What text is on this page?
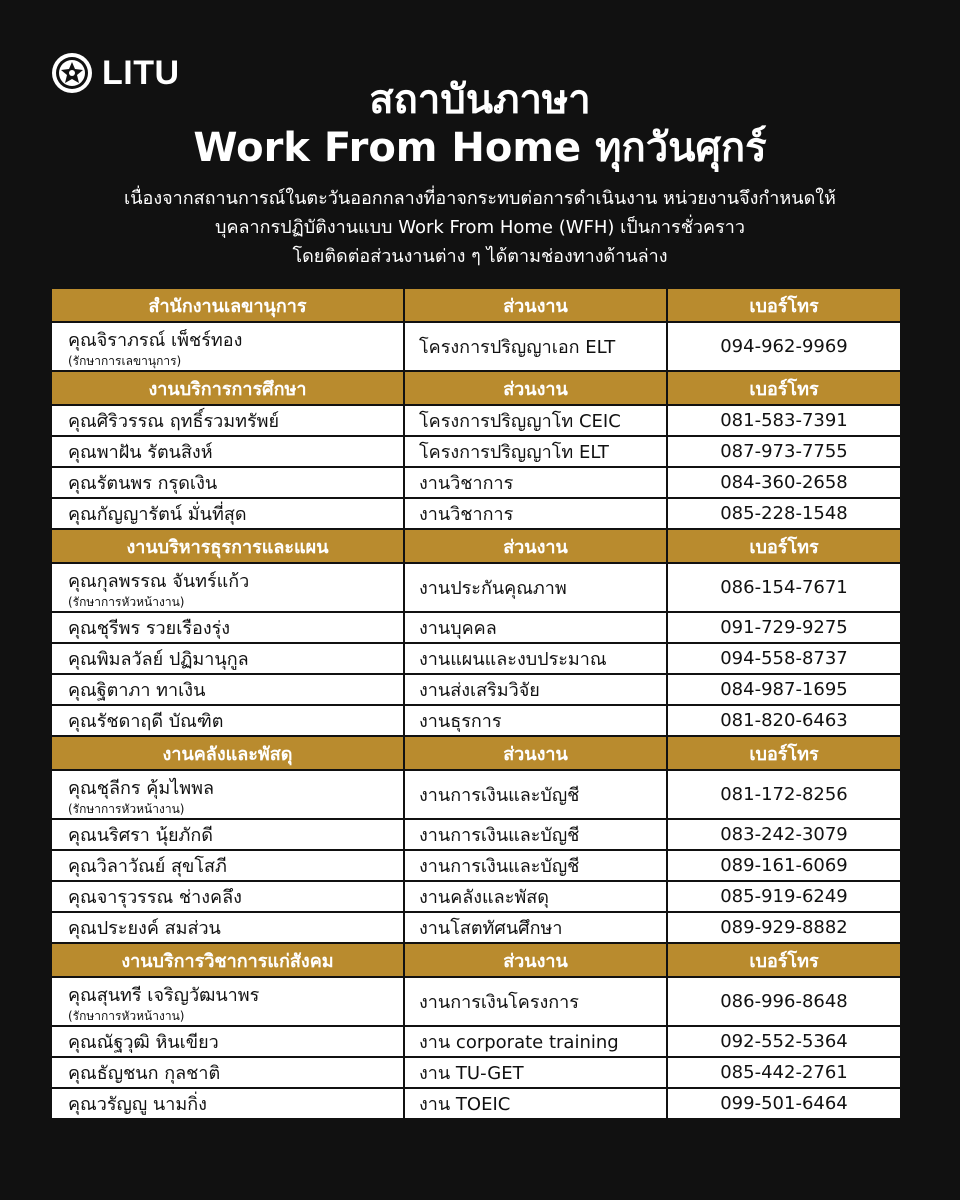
LITU
สถาบันภาษา
Work From Home ทุกวันศุกร์
เนื่องจากสถานการณ์ในตะวันออกกลางที่อาจกระทบต่อการดำเนินงาน หน่วยงานจึงกำหนดให้
บุคลากรปฏิบัติงานแบบ Work From Home (WFH) เป็นการชั่วคราว
โดยติดต่อส่วนงานต่าง ๆ ได้ตามช่องทางด้านล่าง
สำนักงานเลขานุการ	ส่วนงาน	เบอร์โทร
คุณจิราภรณ์ เพ็ชร์ทอง
(รักษาการเลขานุการ)	โครงการปริญญาเอก ELT	094-962-9969
งานบริการการศึกษา	ส่วนงาน	เบอร์โทร
คุณศิริวรรณ ฤทธิ์รวมทรัพย์	โครงการปริญญาโท CEIC	081-583-7391
คุณพาฝัน รัตนสิงห์	โครงการปริญญาโท ELT	087-973-7755
คุณรัตนพร กรุดเงิน	งานวิชาการ	084-360-2658
คุณกัญญารัตน์ มั่นที่สุด	งานวิชาการ	085-228-1548
งานบริหารธุรการและแผน	ส่วนงาน	เบอร์โทร
คุณกุลพรรณ จันทร์แก้ว
(รักษาการหัวหน้างาน)	งานประกันคุณภาพ	086-154-7671
คุณชุรีพร รวยเรืองรุ่ง	งานบุคคล	091-729-9275
คุณพิมลวัลย์ ปฏิมานุกูล	งานแผนและงบประมาณ	094-558-8737
คุณฐิตาภา ทาเงิน	งานส่งเสริมวิจัย	084-987-1695
คุณรัชดาฤดี บัณฑิต	งานธุรการ	081-820-6463
งานคลังและพัสดุ	ส่วนงาน	เบอร์โทร
คุณชุลีกร คุ้มไพพล
(รักษาการหัวหน้างาน)	งานการเงินและบัญชี	081-172-8256
คุณนริศรา นุ้ยภักดี	งานการเงินและบัญชี	083-242-3079
คุณวิลาวัณย์ สุขโสภี	งานการเงินและบัญชี	089-161-6069
คุณจารุวรรณ ช่างคลึง	งานคลังและพัสดุ	085-919-6249
คุณประยงค์ สมส่วน	งานโสตทัศนศึกษา	089-929-8882
งานบริการวิชาการแก่สังคม	ส่วนงาน	เบอร์โทร
คุณสุนทรี เจริญวัฒนาพร
(รักษาการหัวหน้างาน)	งานการเงินโครงการ	086-996-8648
คุณณัฐวุฒิ หินเขียว	งาน corporate training	092-552-5364
คุณธัญชนก กุลชาติ	งาน TU-GET	085-442-2761
คุณวรัญญู นามกิ่ง	งาน TOEIC	099-501-6464
